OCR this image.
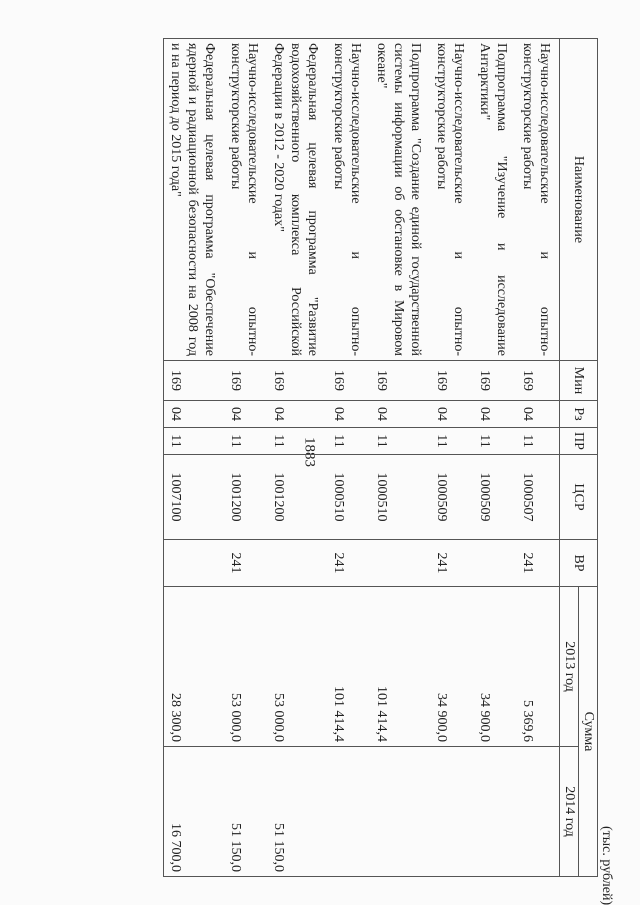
1883
(тыс. рублей)
Наименование	Мин	Рз	ПР	ЦСР	ВР	Сумма	
						2013 год	2014 год
Научно-исследовательские и опытно-конструкторские работы	169	04	11	1000507	241	5 369,6	
Подпрограмма "Изучение и исследование Антарктики"	169	04	11	1000509		34 900,0	
Научно-исследовательские и опытно-конструкторские работы	169	04	11	1000509	241	34 900,0	
Подпрограмма "Создание единой государственной системы информации об обстановке в Мировом океане"	169	04	11	1000510		101 414,4	
Научно-исследовательские и опытно-конструкторские работы	169	04	11	1000510	241	101 414,4	
Федеральная целевая программа "Развитие водохозяйственного комплекса Российской Федерации в 2012 - 2020 годах"	169	04	11	1001200		53 000,0	51 150,0
Научно-исследовательские и опытно-конструкторские работы	169	04	11	1001200	241	53 000,0	51 150,0
Федеральная целевая программа "Обеспечение ядерной и радиационной безопасности на 2008 год и на период до 2015 года"	169	04	11	1007100		28 300,0	16 700,0
